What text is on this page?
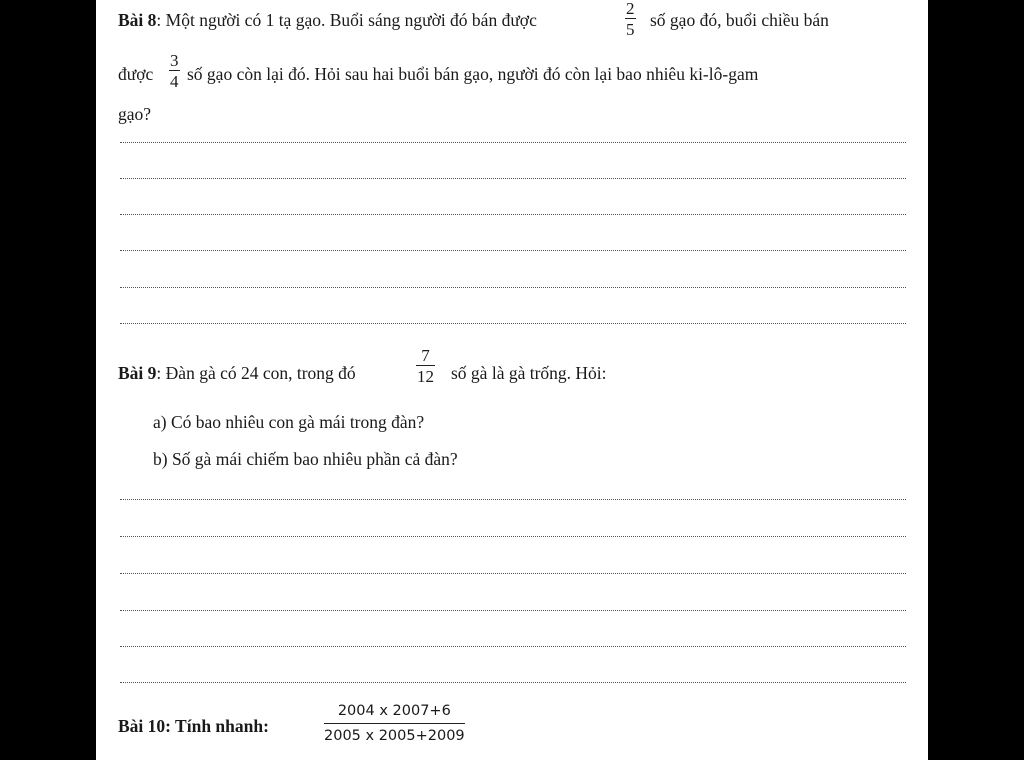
Bài 8: Một người có 1 tạ gạo. Buổi sáng người đó bán được
2
5 số gạo đó, buổi chiều bán
được
3
4 số gạo còn lại đó. Hỏi sau hai buổi bán gạo, người đó còn lại bao nhiêu ki-lô-gam
gạo?
Bài 9: Đàn gà có 24 con, trong đó
7
12 số gà là gà trống. Hỏi:
a) Có bao nhiêu con gà mái trong đàn?
b) Số gà mái chiếm bao nhiêu phần cả đàn?
Bài 10: Tính nhanh:
2004 x 2007+6
2005 x 2005+2009
